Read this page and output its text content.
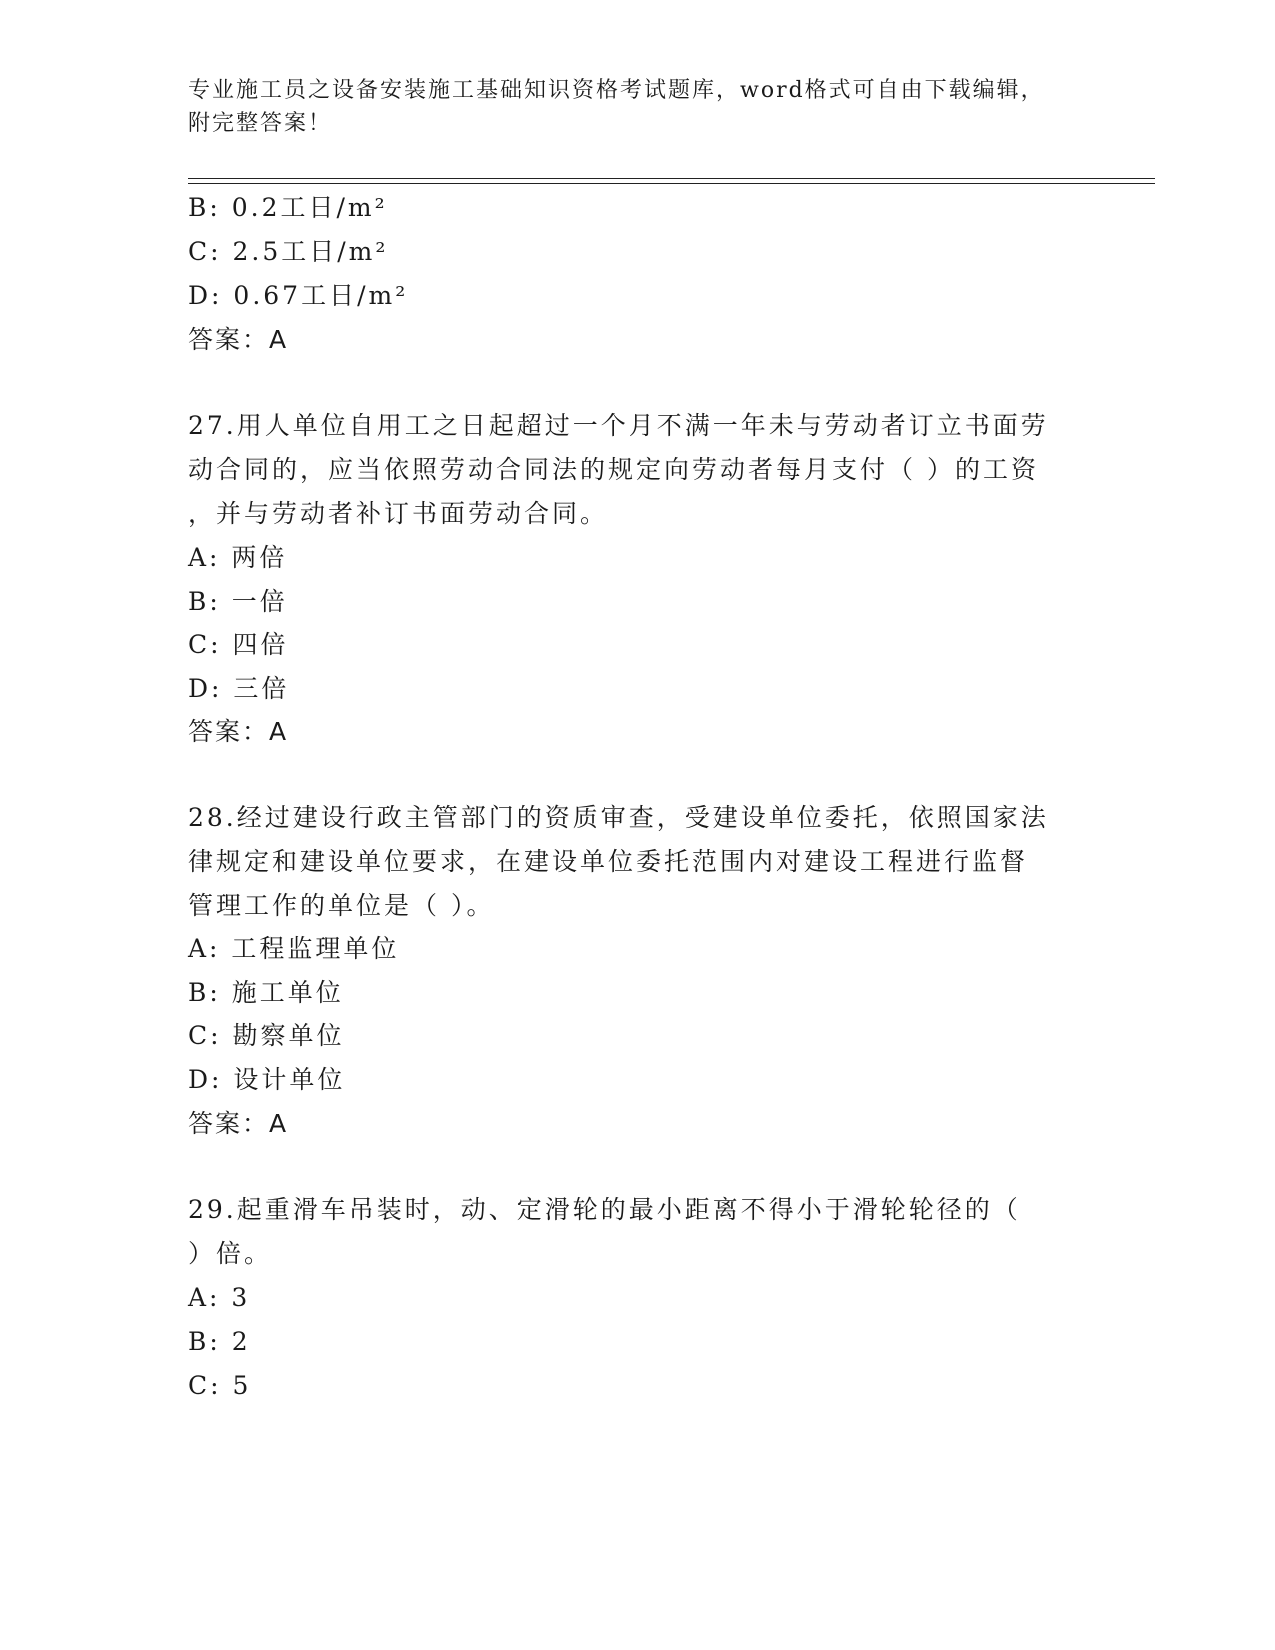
专业施工员之设备安装施工基础知识资格考试题库，word格式可自由下载编辑，
附完整答案！
B: 0.2工日/m²
C: 2.5工日/m²
D: 0.67工日/m²
答案：A
27.用人单位自用工之日起超过一个月不满一年未与劳动者订立书面劳
动合同的，应当依照劳动合同法的规定向劳动者每月支付（ ）的工资
，并与劳动者补订书面劳动合同。
A: 两倍
B: 一倍
C: 四倍
D: 三倍
答案：A
28.经过建设行政主管部门的资质审查，受建设单位委托，依照国家法
律规定和建设单位要求，在建设单位委托范围内对建设工程进行监督
管理工作的单位是（ ）。
A: 工程监理单位
B: 施工单位
C: 勘察单位
D: 设计单位
答案：A
29.起重滑车吊装时，动、定滑轮的最小距离不得小于滑轮轮径的（
）倍。
A: 3
B: 2
C: 5
